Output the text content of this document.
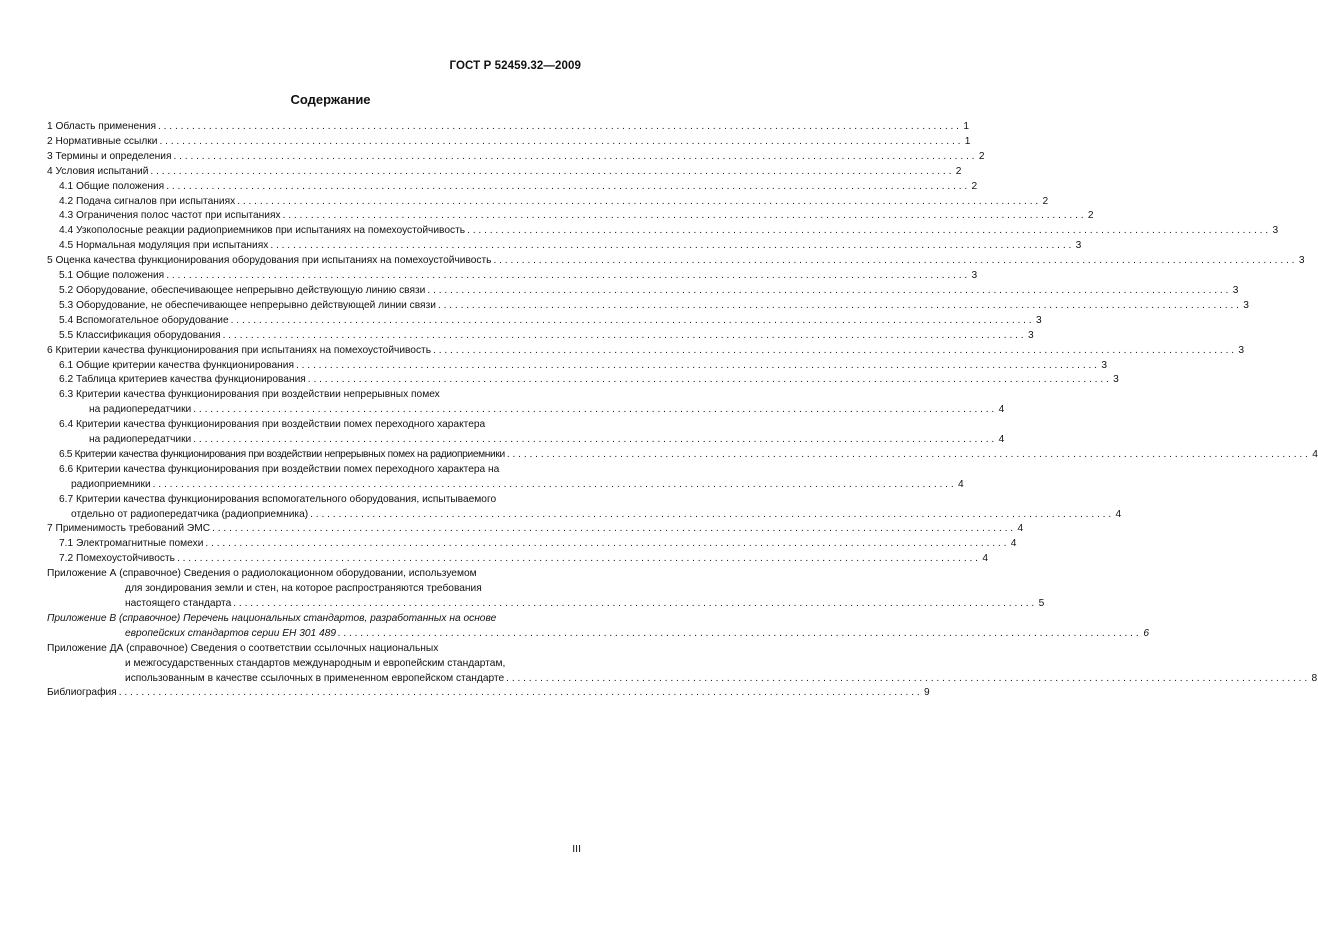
ГОСТ Р 52459.32—2009
Содержание
1 Область применения . . .	1
2 Нормативные ссылки . . .	1
3 Термины и определения . . .	2
4 Условия испытаний . . .	2
4.1 Общие положения . . .	2
4.2 Подача сигналов при испытаниях . . .	2
4.3 Ограничения полос частот при испытаниях . . .	2
4.4 Узкополосные реакции радиоприемников при испытаниях на помехоустойчивость . . .	3
4.5 Нормальная модуляция при испытаниях . . .	3
5 Оценка качества функционирования оборудования при испытаниях на помехоустойчивость . . .	3
5.1 Общие положения . . .	3
5.2 Оборудование, обеспечивающее непрерывно действующую линию связи . . .	3
5.3 Оборудование, не обеспечивающее непрерывно действующей линии связи . . .	3
5.4 Вспомогательное оборудование . . .	3
5.5 Классификация оборудования . . .	3
6 Критерии качества функционирования при испытаниях на помехоустойчивость . . .	3
6.1 Общие критерии качества функционирования . . .	3
6.2 Таблица критериев качества функционирования . . .	3
6.3 Критерии качества функционирования при воздействии непрерывных помех
на радиопередатчики . . .	4
6.4 Критерии качества функционирования при воздействии помех переходного характера
на радиопередатчики . . .	4
6.5 Критерии качества функционирования при воздействии непрерывных помех на радиоприемники . . .	4
6.6 Критерии качества функционирования при воздействии помех переходного характера на
радиоприемники . . .	4
6.7 Критерии качества функционирования вспомогательного оборудования, испытываемого
отдельно от радиопередатчика (радиоприемника) . . .	4
7 Применимость требований ЭМС . . .	4
7.1 Электромагнитные помехи . . .	4
7.2 Помехоустойчивость . . .	4
Приложение А (справочное) Сведения о радиолокационном оборудовании, используемом
для зондирования земли и стен, на которое распространяются требования
настоящего стандарта . . .	5
Приложение В (справочное) Перечень национальных стандартов, разработанных на основе
европейских стандартов серии ЕН 301 489 . . .	6
Приложение ДА (справочное) Сведения о соответствии ссылочных национальных
и межгосударственных стандартов международным и европейским стандартам,
использованным в качестве ссылочных в примененном европейском стандарте . . .	8
Библиография . . .	9
III
